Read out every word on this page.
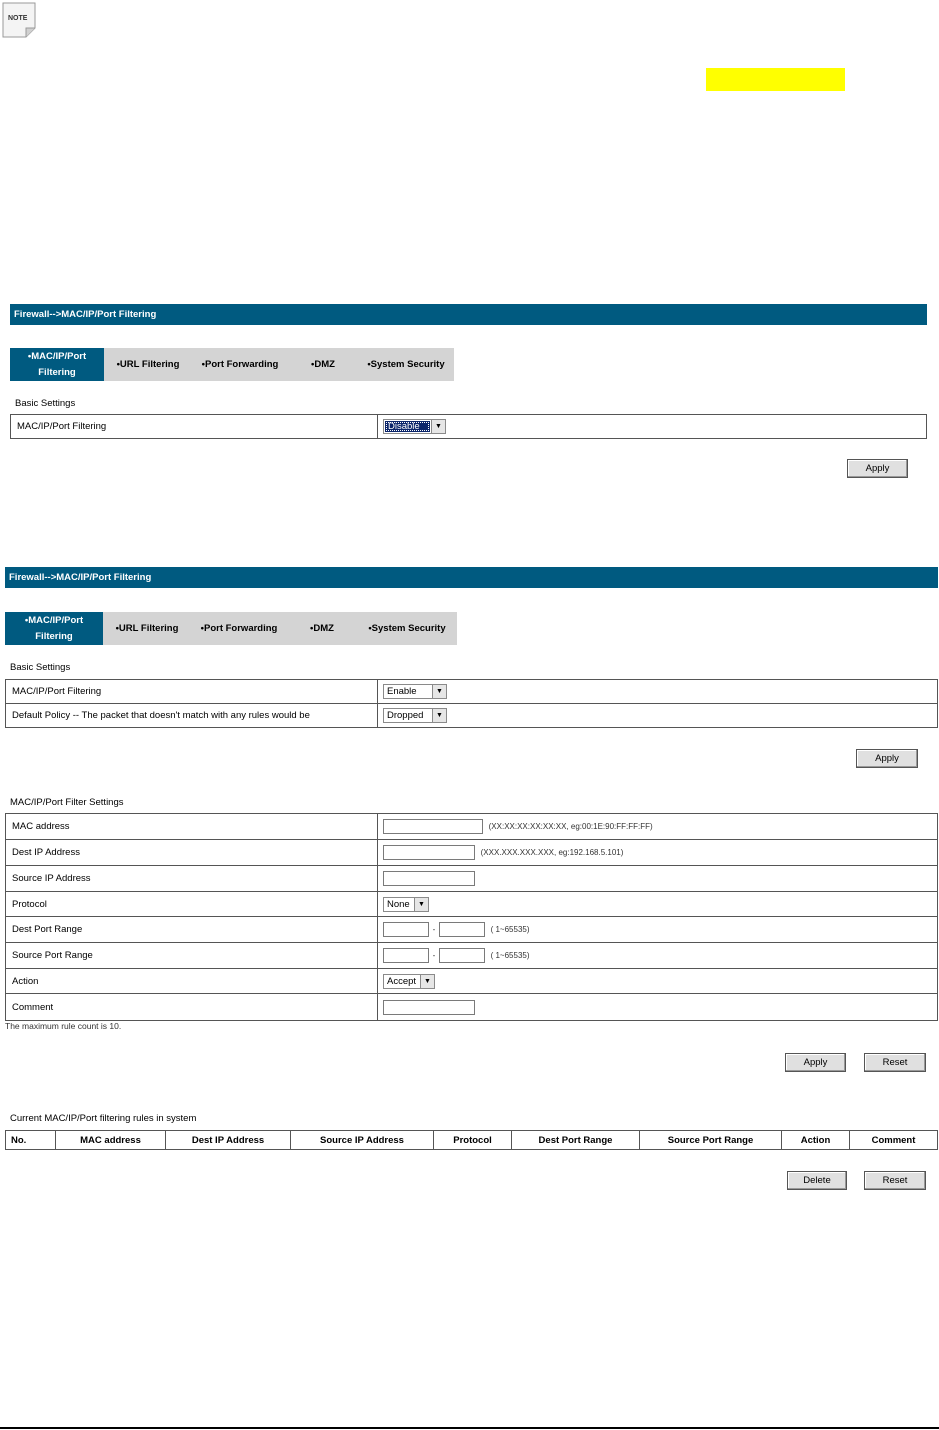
NOTE
Firewall-->MAC/IP/Port Filtering
•MAC/IP/Port Filtering
•URL Filtering	•Port Forwarding	•DMZ	•System Security
Basic Settings
MAC/IP/Port Filtering	Disable	▼
Apply
Firewall-->MAC/IP/Port Filtering
•MAC/IP/Port Filtering
•URL Filtering	•Port Forwarding	•DMZ	•System Security
Basic Settings
MAC/IP/Port Filtering	Enable ▼

Default Policy -- The packet that doesn't match with any rules would be	Dropped ▼
Apply
MAC/IP/Port Filter Settings
MAC address	(XX:XX:XX:XX:XX:XX, eg:00:1E:90:FF:FF:FF)
Dest IP Address	(XXX.XXX.XXX.XXX, eg:192.168.5.101)
Source IP Address	
Protocol	None ▼

Dest Port Range	- ( 1~65535)
Source Port Range	- ( 1~65535)
Action	Accept ▼

Comment	
The maximum rule count is 10.
Apply	Reset
Current MAC/IP/Port filtering rules in system
No.	MAC address	Dest IP Address	Source IP Address	Protocol	Dest Port Range	Source Port Range	Action	Comment
Delete	Reset
